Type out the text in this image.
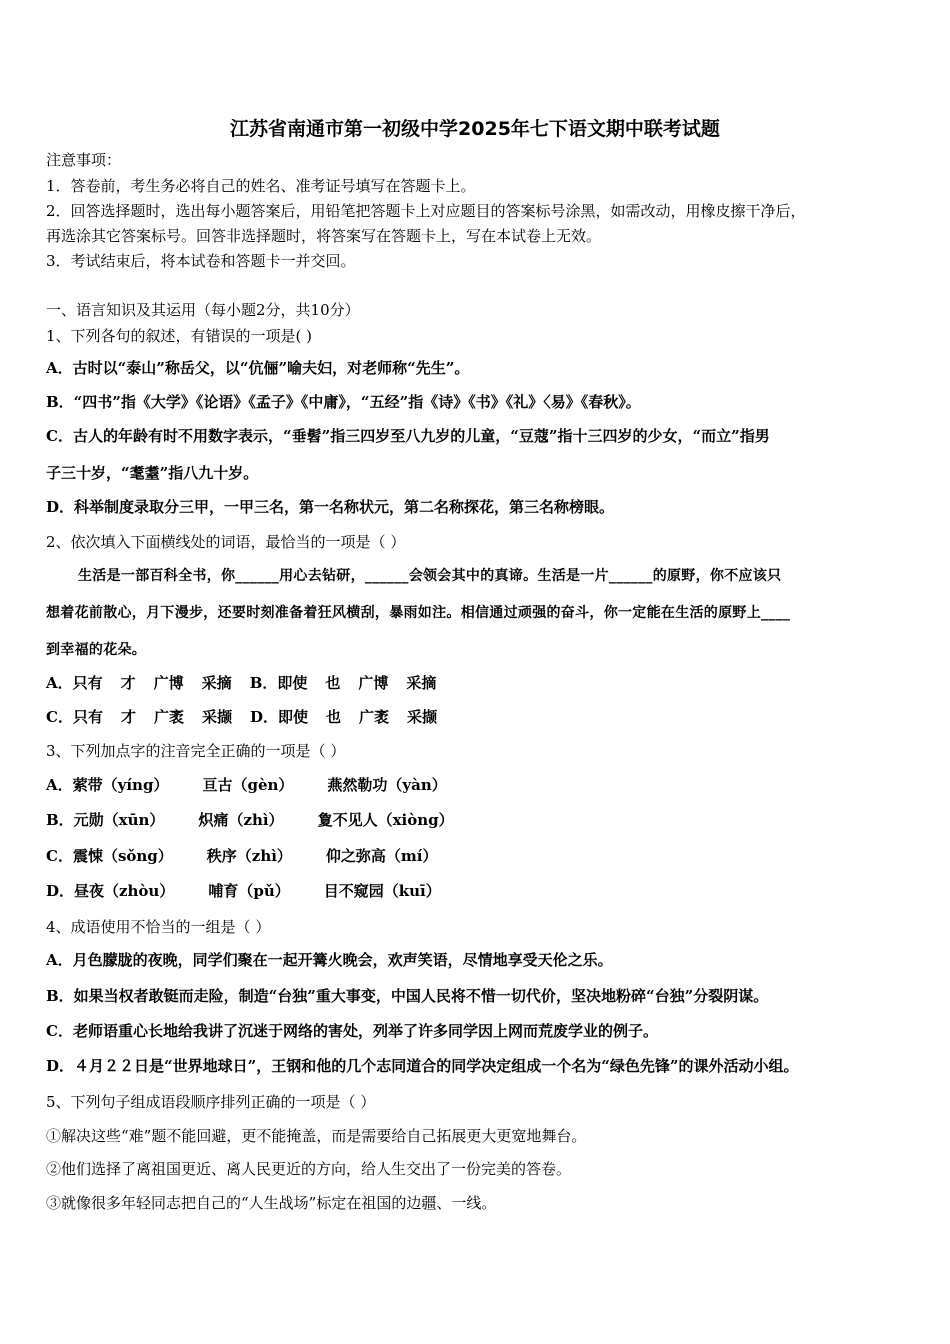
江苏省南通市第一初级中学2025年七下语文期中联考试题
注意事项：
1．答卷前，考生务必将自己的姓名、准考证号填写在答题卡上。
2．回答选择题时，选出每小题答案后，用铅笔把答题卡上对应题目的答案标号涂黑，如需改动，用橡皮擦干净后，
再选涂其它答案标号。回答非选择题时，将答案写在答题卡上，写在本试卷上无效。
3．考试结束后，将本试卷和答题卡一并交回。
一、语言知识及其运用（每小题2分，共10分）
1、下列各句的叙述，有错误的一项是( )
A．古时以“泰山”称岳父，以“伉俪”喻夫妇，对老师称“先生”。
B．“四书”指《大学》《论语》《孟子》《中庸》，“五经”指《诗》《书》《礼》〈易》《春秋》。
C．古人的年龄有时不用数字表示，“垂髫”指三四岁至八九岁的儿童，“豆蔻”指十三四岁的少女，“而立”指男
子三十岁，“耄耋”指八九十岁。
D．科举制度录取分三甲，一甲三名，第一名称状元，第二名称探花，第三名称榜眼。
2、依次填入下面横线处的词语，最恰当的一项是（ ）
生活是一部百科全书，你______用心去钻研，______会领会其中的真谛。生活是一片______的原野，你不应该只
想着花前散心，月下漫步，还要时刻准备着狂风横刮，暴雨如注。相信通过顽强的奋斗，你一定能在生活的原野上____
到幸福的花朵。
A．只有 才 广博 采摘 B．即使 也 广博 采摘
C．只有 才 广袤 采撷 D．即使 也 广袤 采撷
3、下列加点字的注音完全正确的一项是（ ）
A．萦带（yíng） 亘古（gèn） 燕然勒功（yàn）
B．元勋（xūn） 炽痛（zhì） 夐不见人（xiòng）
C．震悚（sǒng） 秩序（zhì） 仰之弥高（mí）
D．昼夜（zhòu） 哺育（pǔ） 目不窥园（kuī）
4、成语使用不恰当的一组是（ ）
A．月色朦胧的夜晚，同学们聚在一起开篝火晚会，欢声笑语，尽情地享受天伦之乐。
B．如果当权者敢铤而走险，制造“台独”重大事变，中国人民将不惜一切代价，坚决地粉碎“台独”分裂阴谋。
C．老师语重心长地给我讲了沉迷于网络的害处，列举了许多同学因上网而荒废学业的例子。
D．４月２２日是“世界地球日”，王钢和他的几个志同道合的同学决定组成一个名为“绿色先锋”的课外活动小组。
5、下列句子组成语段顺序排列正确的一项是（ ）
①解决这些“难”题不能回避，更不能掩盖，而是需要给自己拓展更大更宽地舞台。
②他们选择了离祖国更近、离人民更近的方向，给人生交出了一份完美的答卷。
③就像很多年轻同志把自己的“人生战场”标定在祖国的边疆、一线。
